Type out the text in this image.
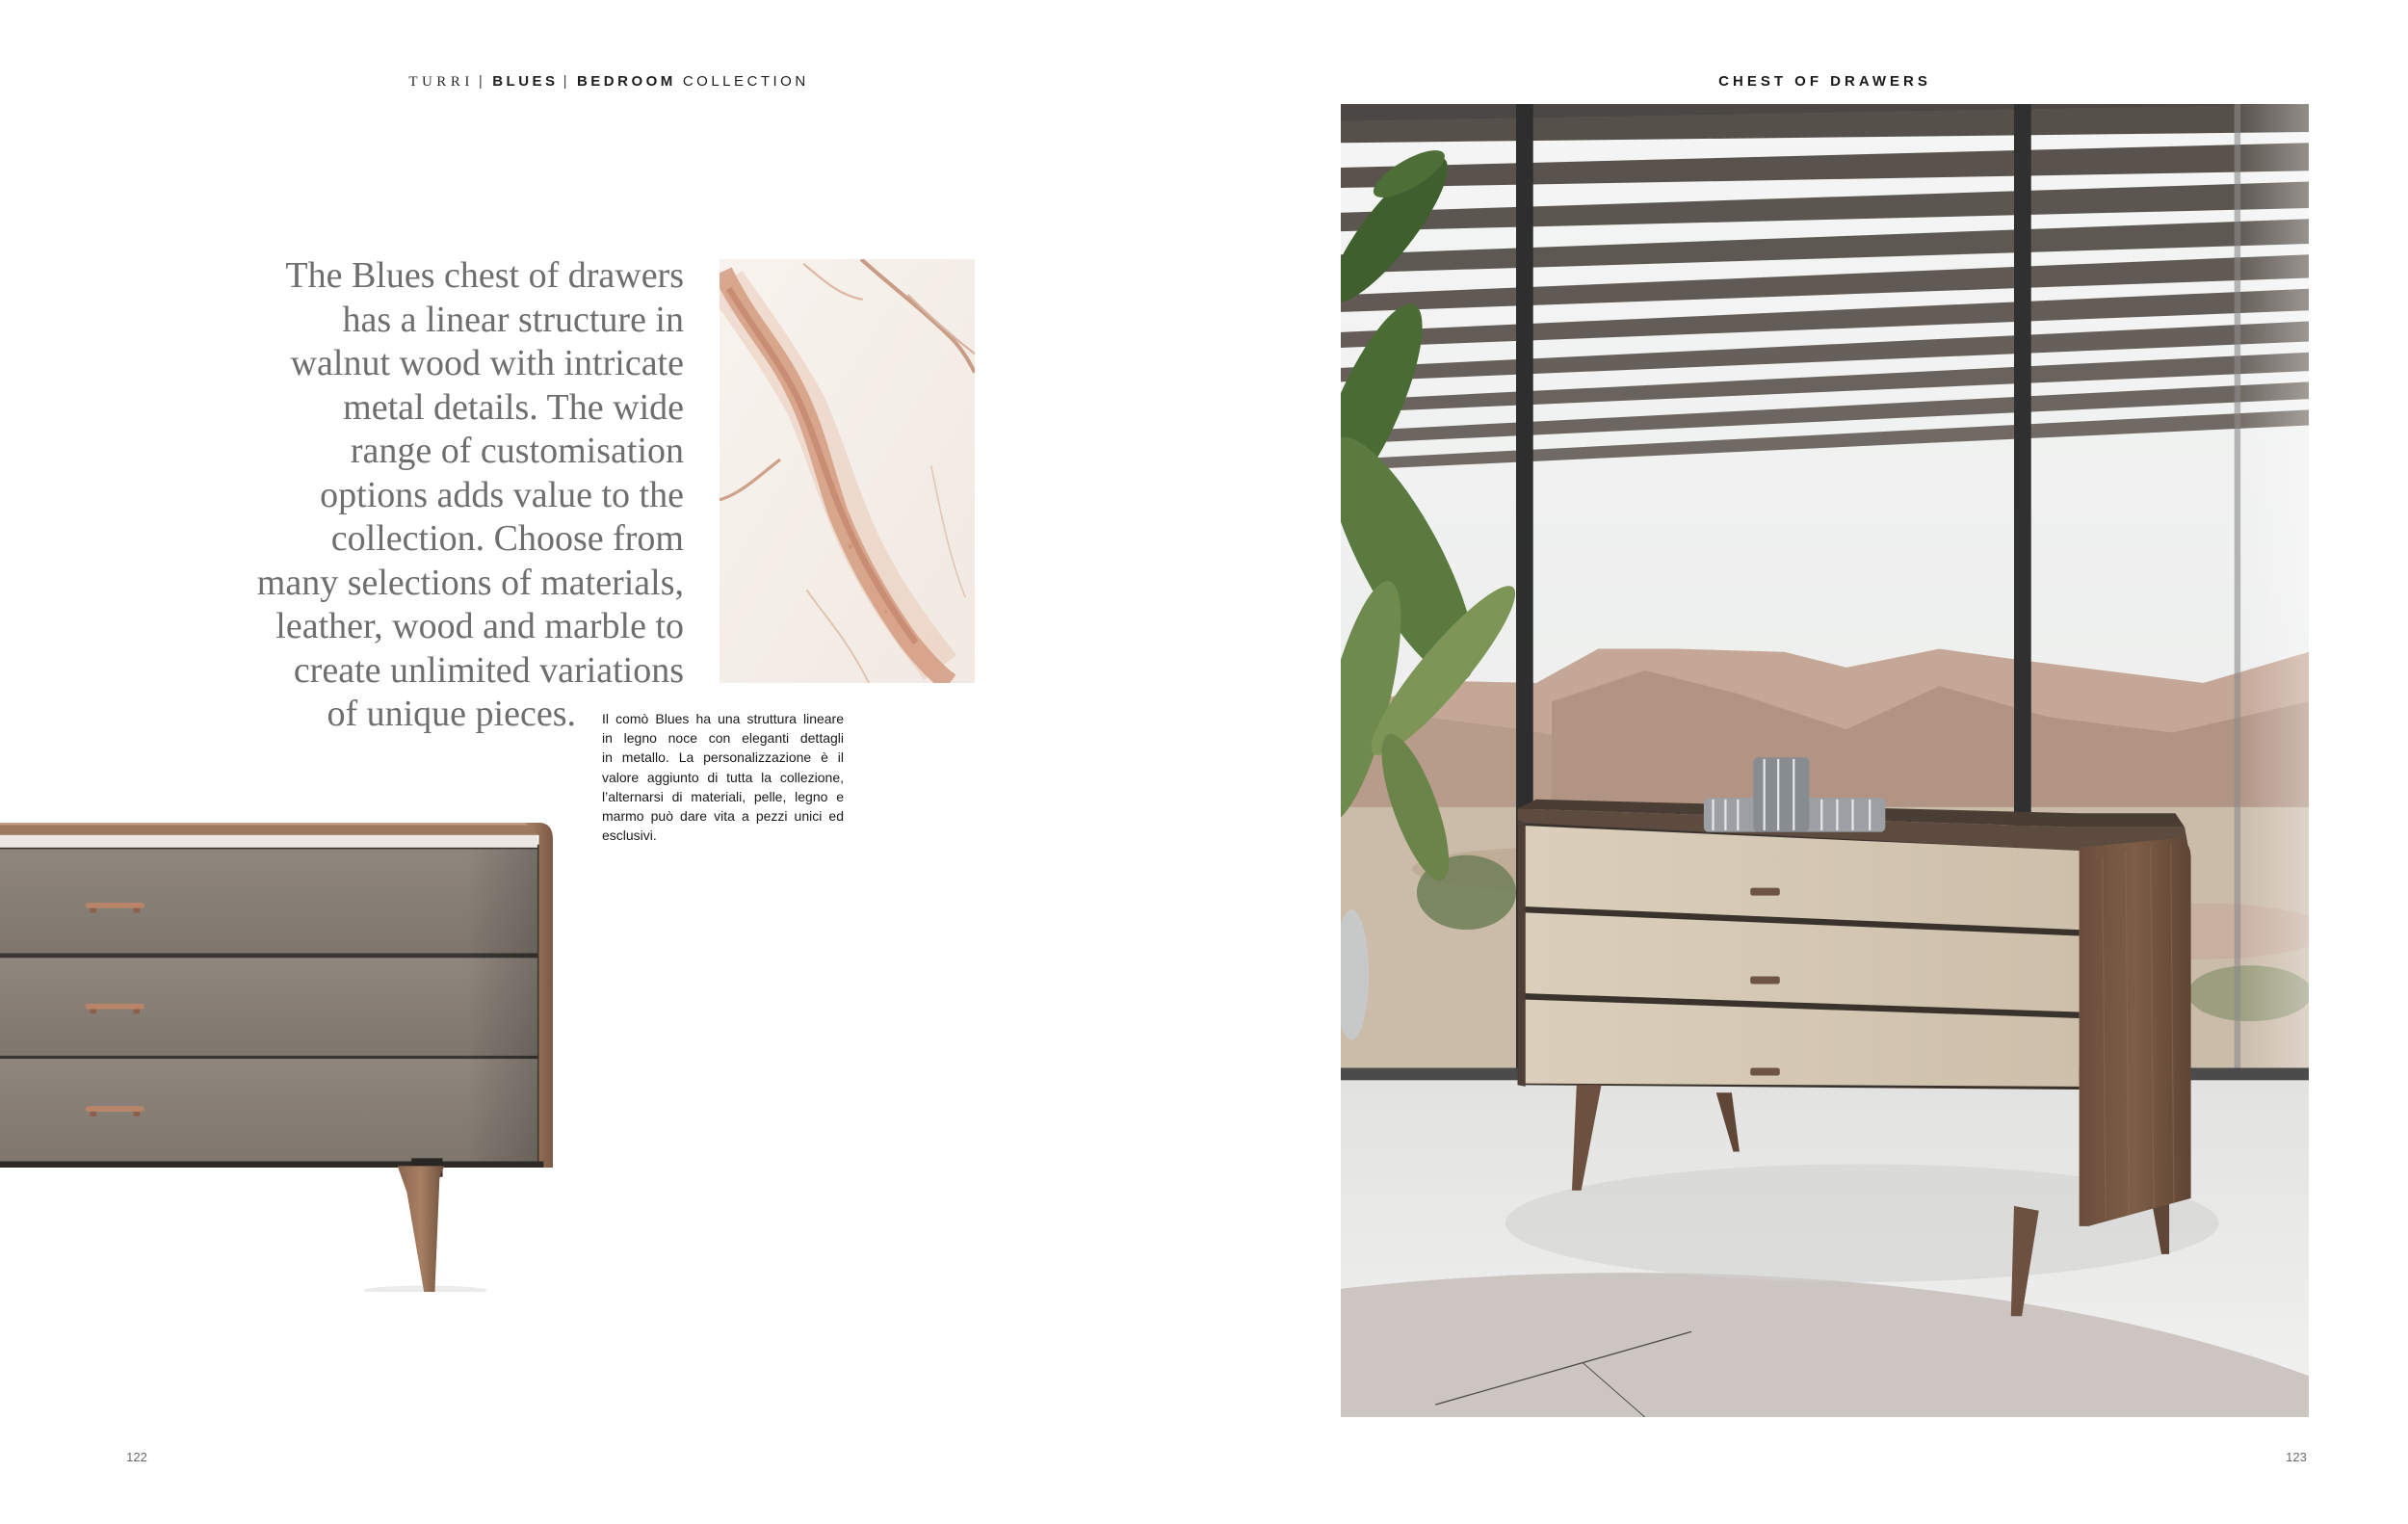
TURRI | BLUES | BEDROOM COLLECTION	CHEST OF DRAWERS
The Blues chest of drawers
has a linear structure in
walnut wood with intricate
metal details. The wide
range of customisation
options adds value to the
collection. Choose from
many selections of materials,
leather, wood and marble to
create unlimited variations
of unique pieces.	Il comò Blues ha una struttura lineare
in legno noce con eleganti dettagli
in metallo. La personalizzazione è il
valore aggiunto di tutta la collezione,
l’alternarsi di materiali, pelle, legno e
marmo può dare vita a pezzi unici ed
esclusivi.
122	123
